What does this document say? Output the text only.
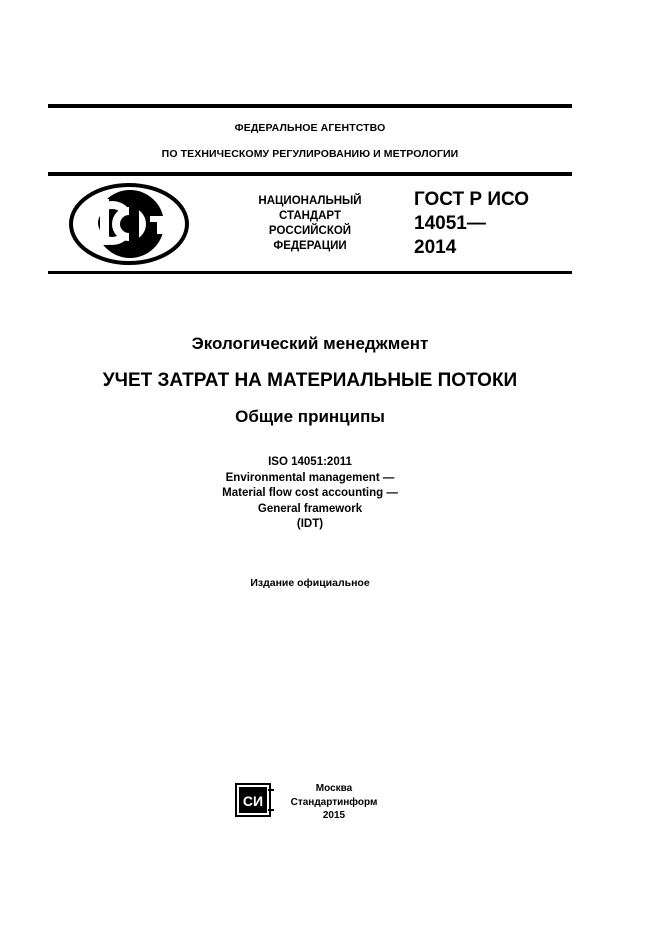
ФЕДЕРАЛЬНОЕ АГЕНТСТВО
ПО ТЕХНИЧЕСКОМУ РЕГУЛИРОВАНИЮ И МЕТРОЛОГИИ
НАЦИОНАЛЬНЫЙ
СТАНДАРТ
РОССИЙСКОЙ
ФЕДЕРАЦИИ
ГОСТ Р ИСО
14051—
2014
Экологический менеджмент
УЧЕТ ЗАТРАТ НА МАТЕРИАЛЬНЫЕ ПОТОКИ
Общие принципы
ISO 14051:2011
Environmental management —
Material flow cost accounting —
General framework
(IDT)
Издание официальное
СИ
Москва
Стандартинформ
2015
